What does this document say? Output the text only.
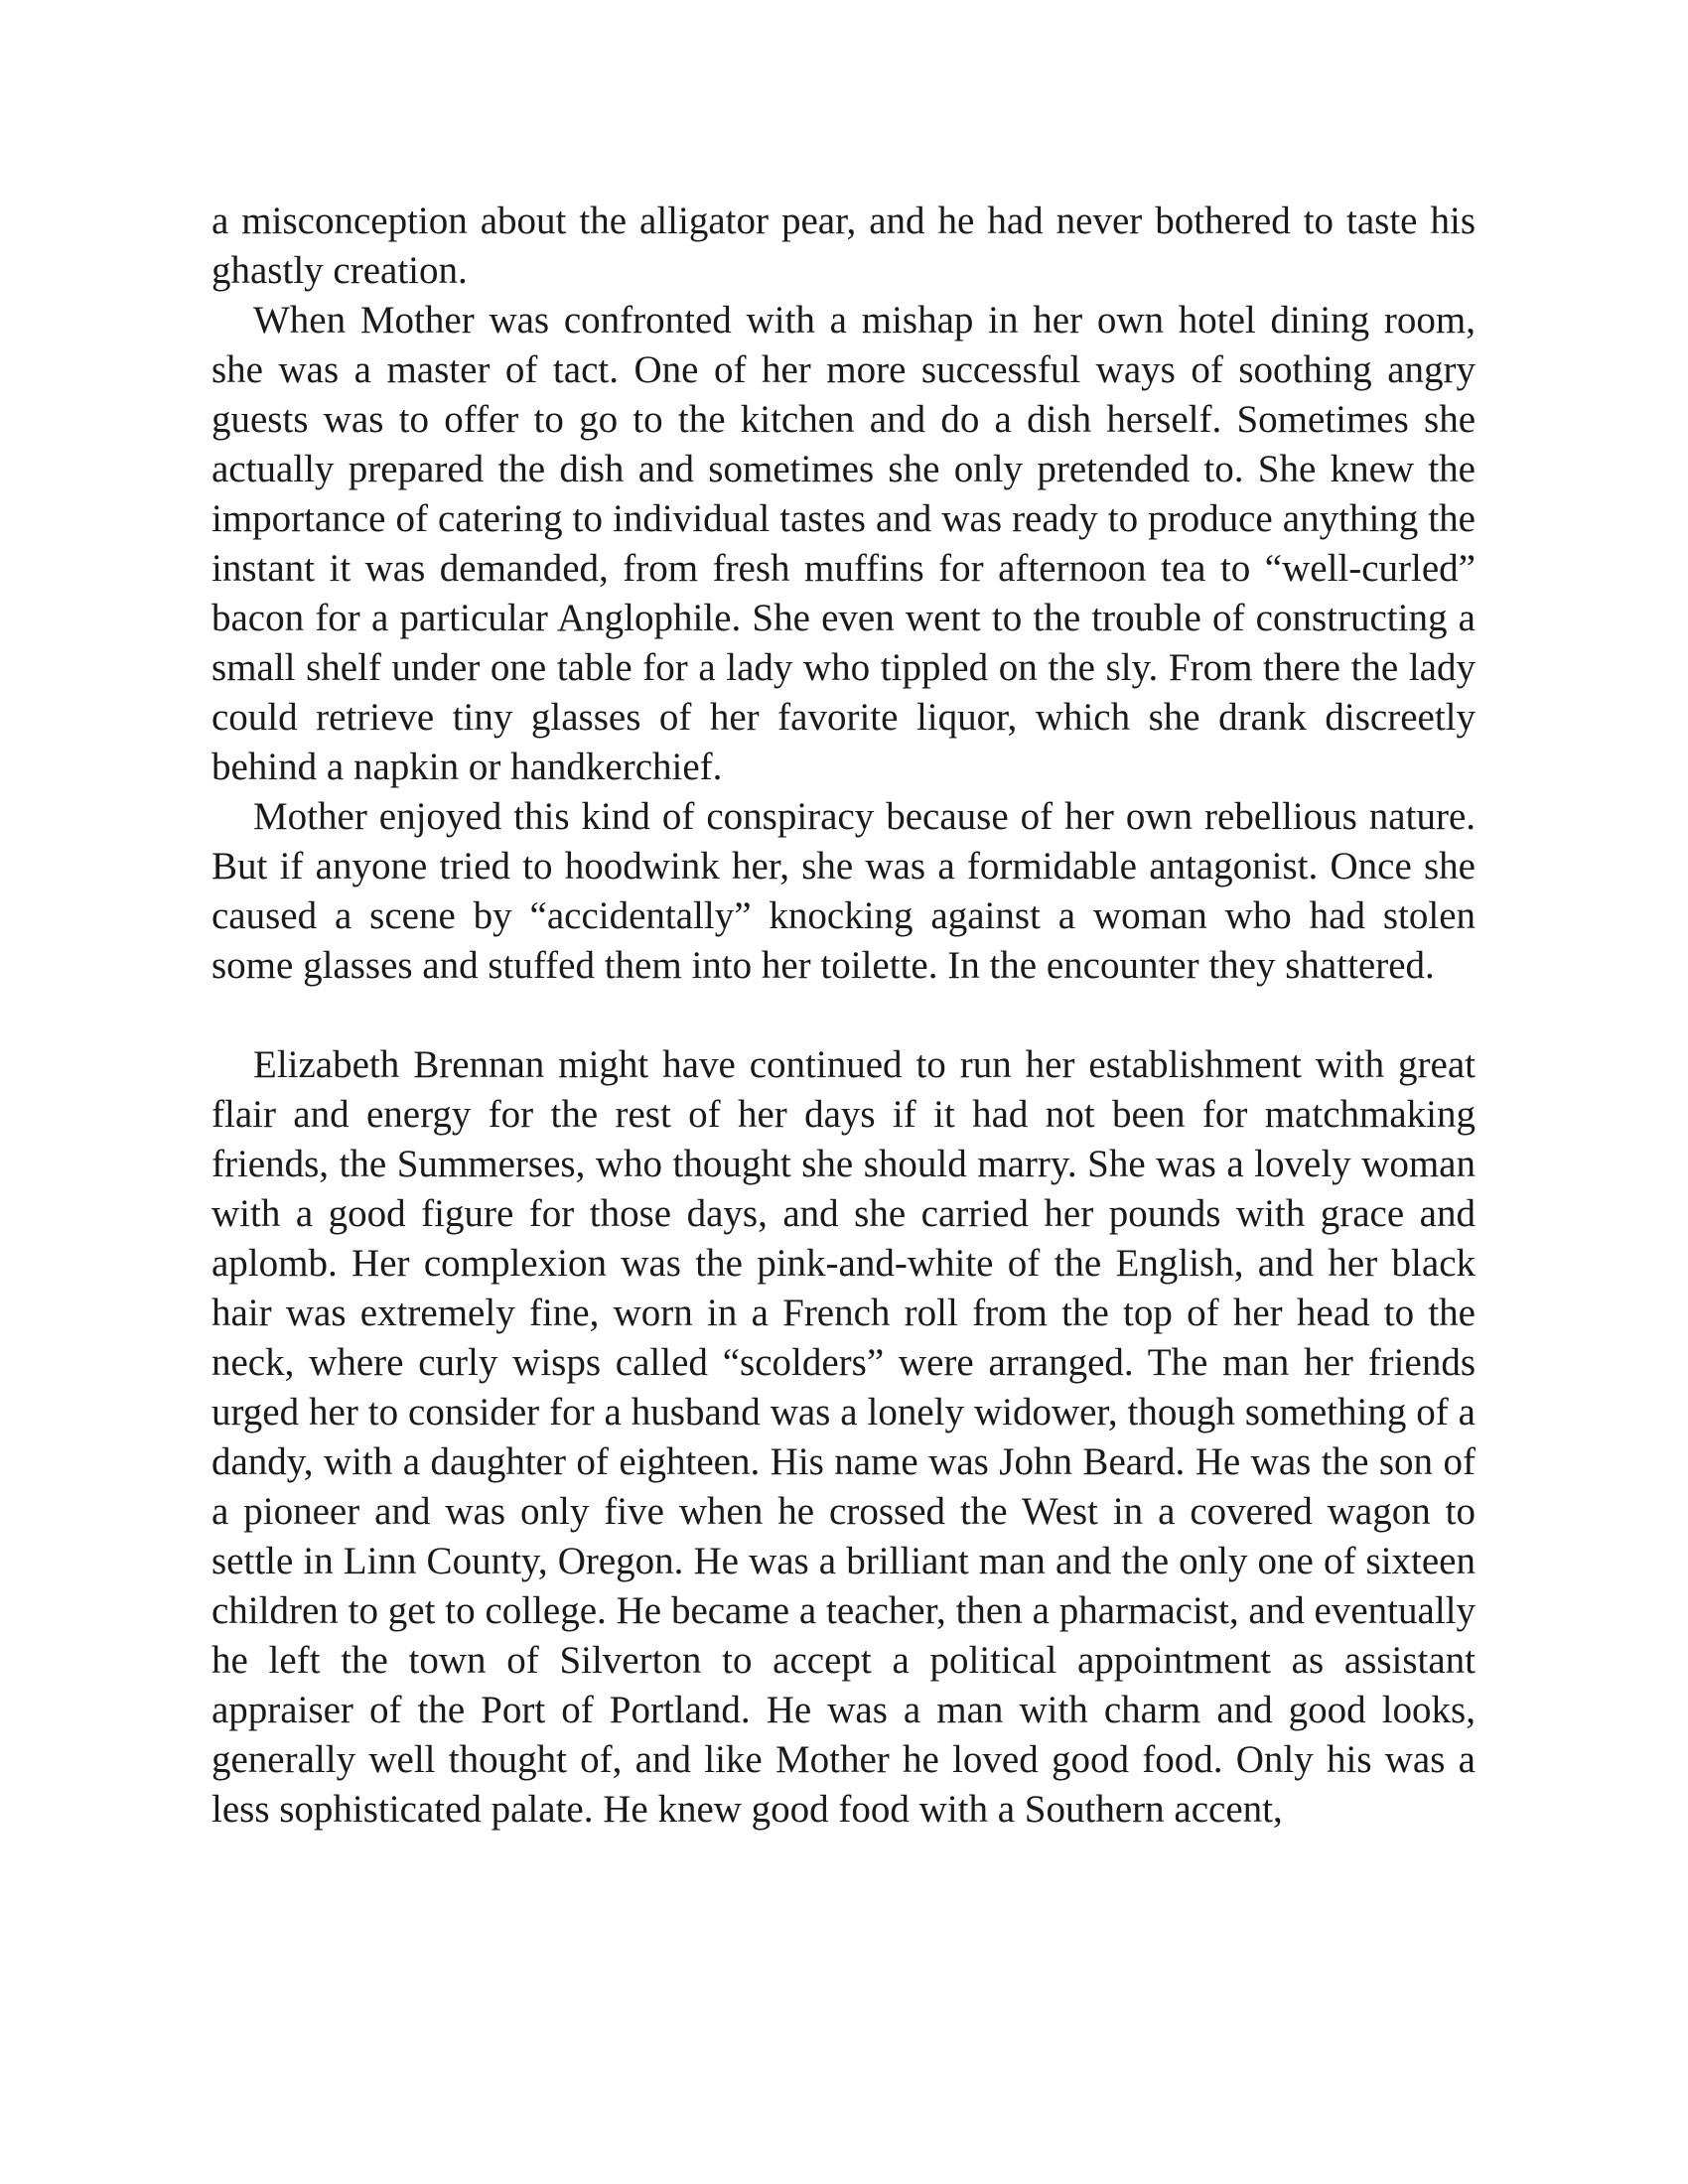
a misconception about the alligator pear, and he had never bothered to taste his ghastly creation.

When Mother was confronted with a mishap in her own hotel dining room, she was a master of tact. One of her more successful ways of soothing angry guests was to offer to go to the kitchen and do a dish herself. Sometimes she actually prepared the dish and sometimes she only pretended to. She knew the importance of catering to individual tastes and was ready to produce anything the instant it was demanded, from fresh muffins for afternoon tea to “well-curled” bacon for a particular Anglophile. She even went to the trouble of constructing a small shelf under one table for a lady who tippled on the sly. From there the lady could retrieve tiny glasses of her favorite liquor, which she drank discreetly behind a napkin or handkerchief.

Mother enjoyed this kind of conspiracy because of her own rebellious nature. But if anyone tried to hoodwink her, she was a formidable antagonist. Once she caused a scene by “accidentally” knocking against a woman who had stolen some glasses and stuffed them into her toilette. In the encounter they shattered.

Elizabeth Brennan might have continued to run her establishment with great flair and energy for the rest of her days if it had not been for matchmaking friends, the Summerses, who thought she should marry. She was a lovely woman with a good figure for those days, and she carried her pounds with grace and aplomb. Her complexion was the pink-and-white of the English, and her black hair was extremely fine, worn in a French roll from the top of her head to the neck, where curly wisps called “scolders” were arranged. The man her friends urged her to consider for a husband was a lonely widower, though something of a dandy, with a daughter of eighteen. His name was John Beard. He was the son of a pioneer and was only five when he crossed the West in a covered wagon to settle in Linn County, Oregon. He was a brilliant man and the only one of sixteen children to get to college. He became a teacher, then a pharmacist, and eventually he left the town of Silverton to accept a political appointment as assistant appraiser of the Port of Portland. He was a man with charm and good looks, generally well thought of, and like Mother he loved good food. Only his was a less sophisticated palate. He knew good food with a Southern accent,
